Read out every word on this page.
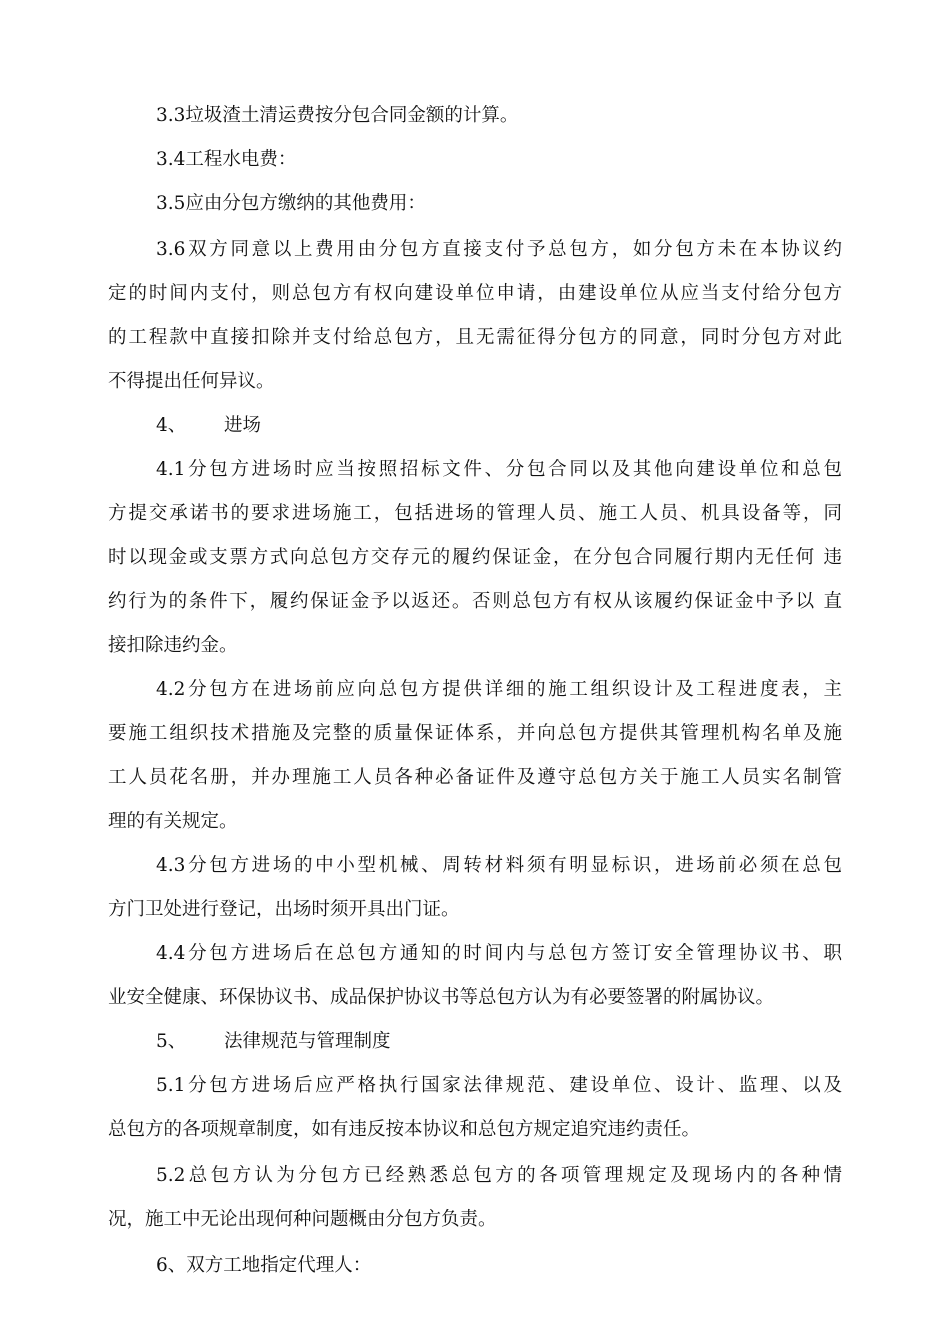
3.3垃圾渣土清运费按分包合同金额的计算。
3.4工程水电费：
3.5应由分包方缴纳的其他费用：
3.6双方同意以上费用由分包方直接支付予总包方，如分包方未在本协议约
定的时间内支付，则总包方有权向建设单位申请，由建设单位从应当支付给分包方
的工程款中直接扣除并支付给总包方，且无需征得分包方的同意，同时分包方对此
不得提出任何异议。
4、 进场
4.1分包方进场时应当按照招标文件、分包合同以及其他向建设单位和总包
方提交承诺书的要求进场施工，包括进场的管理人员、施工人员、机具设备等，同
时以现金或支票方式向总包方交存元的履约保证金，在分包合同履行期内无任何 违
约行为的条件下，履约保证金予以返还。否则总包方有权从该履约保证金中予以 直
接扣除违约金。
4.2分包方在进场前应向总包方提供详细的施工组织设计及工程进度表，主
要施工组织技术措施及完整的质量保证体系，并向总包方提供其管理机构名单及施
工人员花名册，并办理施工人员各种必备证件及遵守总包方关于施工人员实名制管
理的有关规定。
4.3分包方进场的中小型机械、周转材料须有明显标识，进场前必须在总包
方门卫处进行登记，出场时须开具出门证。
4.4分包方进场后在总包方通知的时间内与总包方签订安全管理协议书、职
业安全健康、环保协议书、成品保护协议书等总包方认为有必要签署的附属协议。
5、 法律规范与管理制度
5.1分包方进场后应严格执行国家法律规范、建设单位、设计、监理、以及
总包方的各项规章制度，如有违反按本协议和总包方规定追究违约责任。
5.2总包方认为分包方已经熟悉总包方的各项管理规定及现场内的各种情
况，施工中无论出现何种问题概由分包方负责。
6、双方工地指定代理人：
